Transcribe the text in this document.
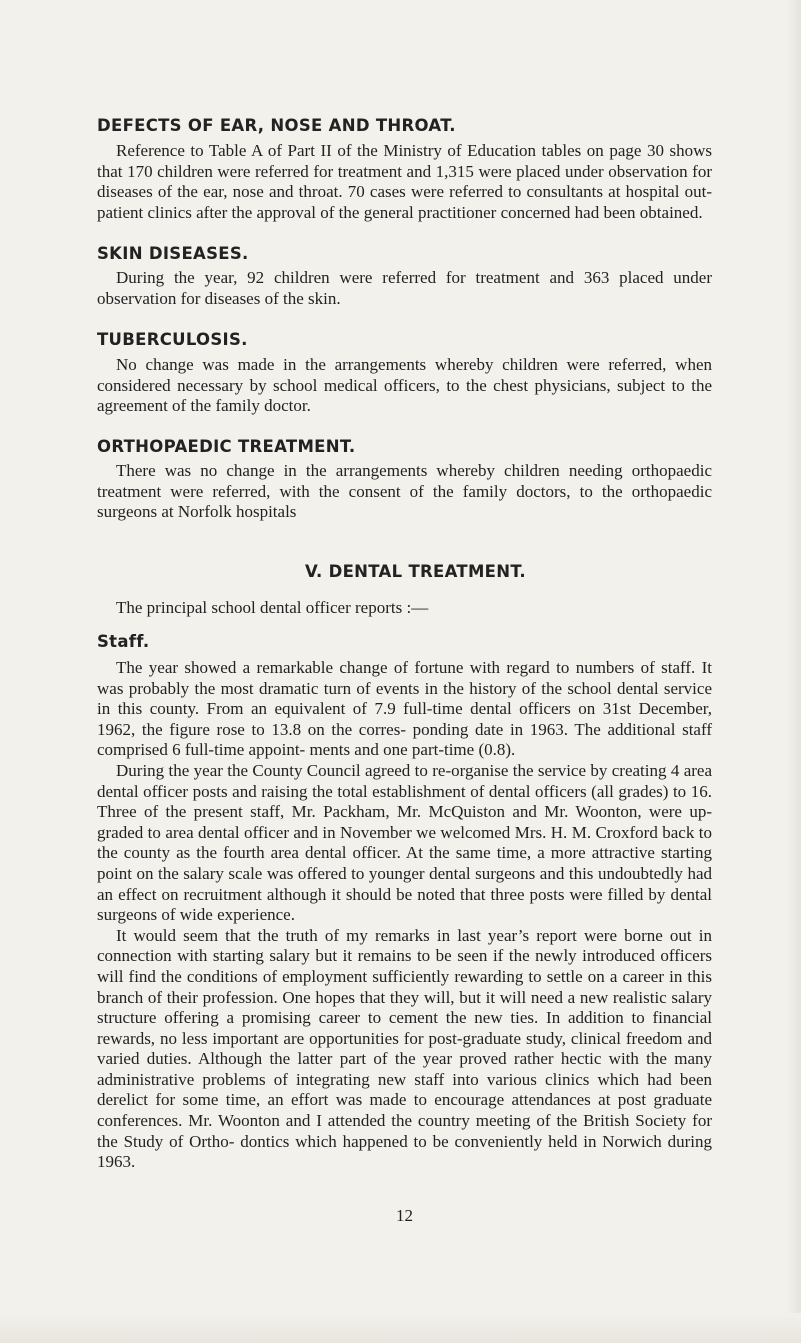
DEFECTS OF EAR, NOSE AND THROAT.

Reference to Table A of Part II of the Ministry of Education tables on page 30 shows that 170 children were referred for treatment and 1,315 were placed under observation for diseases of the ear, nose and throat. 70 cases were referred to consultants at hospital out-patient clinics after the approval of the general practitioner concerned had been obtained.

SKIN DISEASES.

During the year, 92 children were referred for treatment and 363 placed under observation for diseases of the skin.

TUBERCULOSIS.

No change was made in the arrangements whereby children were referred, when considered necessary by school medical officers, to the chest physicians, subject to the agreement of the family doctor.

ORTHOPAEDIC TREATMENT.

There was no change in the arrangements whereby children needing orthopaedic treatment were referred, with the consent of the family doctors, to the orthopaedic surgeons at Norfolk hospitals

V. DENTAL TREATMENT.

The principal school dental officer reports :—

Staff.

The year showed a remarkable change of fortune with regard to numbers of staff. It was probably the most dramatic turn of events in the history of the school dental service in this county. From an equivalent of 7.9 full-time dental officers on 31st December, 1962, the figure rose to 13.8 on the corres- ponding date in 1963. The additional staff comprised 6 full-time appoint- ments and one part-time (0.8).

During the year the County Council agreed to re-organise the service by creating 4 area dental officer posts and raising the total establishment of dental officers (all grades) to 16. Three of the present staff, Mr. Packham, Mr. McQuiston and Mr. Woonton, were up-graded to area dental officer and in November we welcomed Mrs. H. M. Croxford back to the county as the fourth area dental officer. At the same time, a more attractive starting point on the salary scale was offered to younger dental surgeons and this undoubtedly had an effect on recruitment although it should be noted that three posts were filled by dental surgeons of wide experience.

It would seem that the truth of my remarks in last year’s report were borne out in connection with starting salary but it remains to be seen if the newly introduced officers will find the conditions of employment sufficiently rewarding to settle on a career in this branch of their profession. One hopes that they will, but it will need a new realistic salary structure offering a promising career to cement the new ties. In addition to financial rewards, no less important are opportunities for post-graduate study, clinical freedom and varied duties. Although the latter part of the year proved rather hectic with the many administrative problems of integrating new staff into various clinics which had been derelict for some time, an effort was made to encourage attendances at post graduate conferences. Mr. Woonton and I attended the country meeting of the British Society for the Study of Ortho- dontics which happened to be conveniently held in Norwich during 1963.

12
